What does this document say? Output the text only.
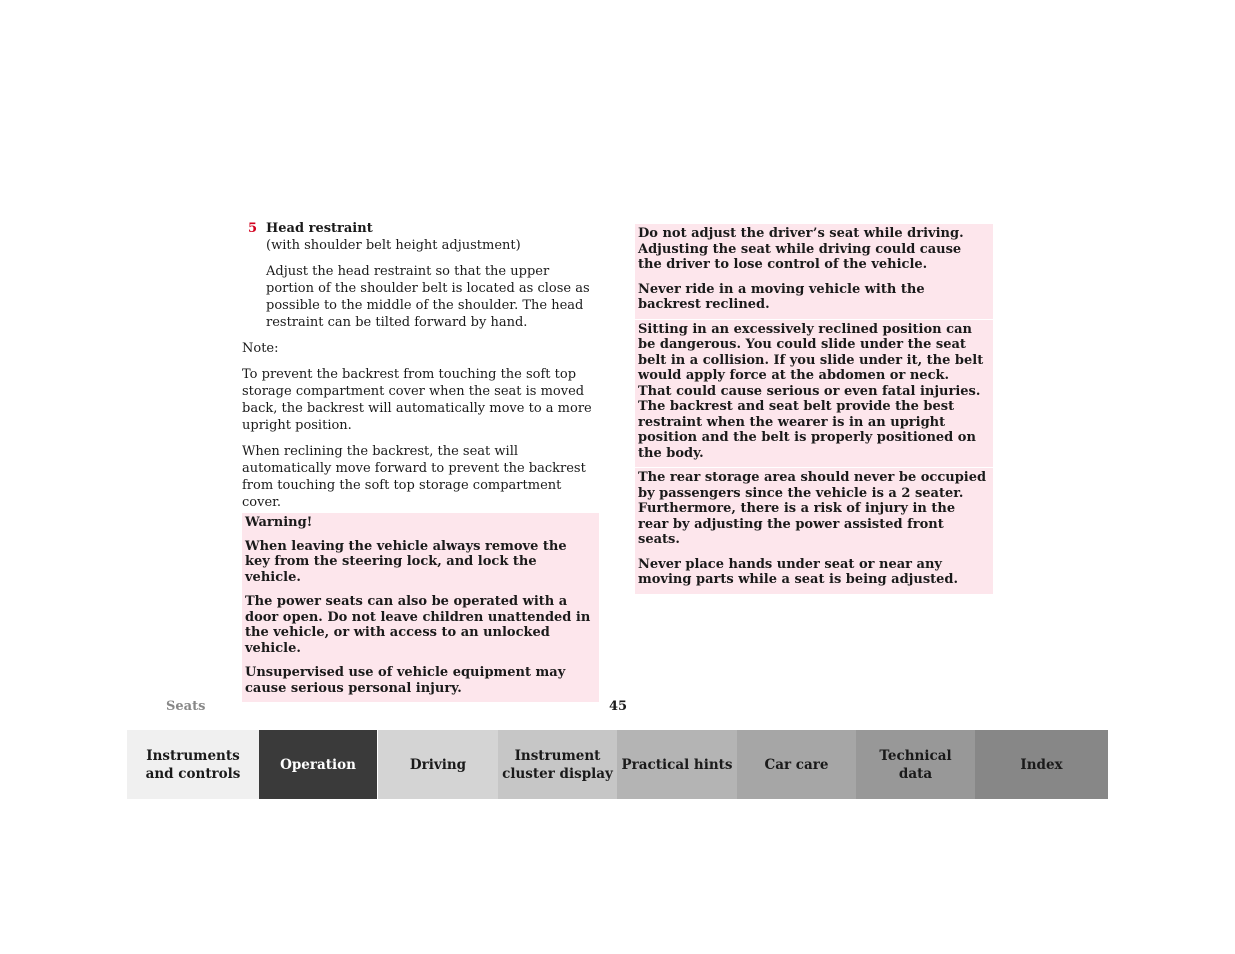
5 Head restraint
(with shoulder belt height adjustment)
Adjust the head restraint so that the upper portion of the shoulder belt is located as close as possible to the middle of the shoulder. The head restraint can be tilted forward by hand.
Note:
To prevent the backrest from touching the soft top storage compartment cover when the seat is moved back, the backrest will automatically move to a more upright position.
When reclining the backrest, the seat will automatically move forward to prevent the backrest from touching the soft top storage compartment cover.

Warning!

When leaving the vehicle always remove the key from the steering lock, and lock the vehicle.

The power seats can also be operated with a door open. Do not leave children unattended in the vehicle, or with access to an unlocked vehicle.

Unsupervised use of vehicle equipment may cause serious personal injury.

Do not adjust the driver’s seat while driving. Adjusting the seat while driving could cause the driver to lose control of the vehicle.

Never ride in a moving vehicle with the backrest reclined.

Sitting in an excessively reclined position can be dangerous. You could slide under the seat belt in a collision. If you slide under it, the belt would apply force at the abdomen or neck. That could cause serious or even fatal injuries. The backrest and seat belt provide the best restraint when the wearer is in an upright position and the belt is properly positioned on the body.

The rear storage area should never be occupied by passengers since the vehicle is a 2 seater. Furthermore, there is a risk of injury in the rear by adjusting the power assisted front seats.

Never place hands under seat or near any moving parts while a seat is being adjusted.

Seats	45
Instruments
and controls
Operation	Driving
Instrument
cluster display
Practical hints Car care
Technical
data
Index
